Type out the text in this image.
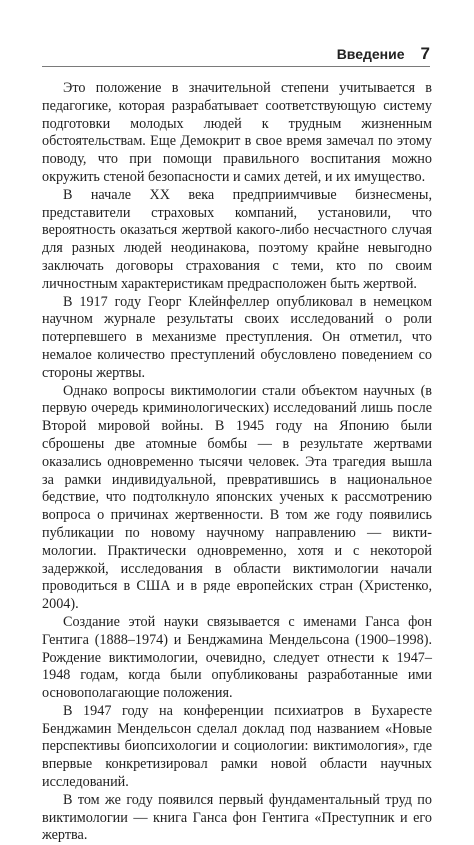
Введение 7

Это положение в значительной степени учитывается в педагогике, которая разрабатывает соответствующую систему подготовки молодых людей к трудным жизненным обстоятельствам. Еще Демокрит в свое время замечал по этому поводу, что при помощи правильного воспитания можно окружить стеной безопасности и самих детей, и их имущество.

В начале XX века предприимчивые бизнесмены, представители страховых компаний, установили, что вероятность оказаться жертвой какого-либо несчастного случая для разных людей неодинакова, поэтому крайне невыгодно заключать договоры страхования с теми, кто по своим личностным характеристикам предрасположен быть жертвой.

В 1917 году Георг Клейнфеллер опубликовал в немецком научном журнале результаты своих исследований о роли потерпевшего в механизме преступления. Он отметил, что немалое количество преступлений обусловлено поведением со стороны жертвы.

Однако вопросы виктимологии стали объектом научных (в первую очередь криминологических) исследований лишь после Второй мировой войны. В 1945 году на Японию были сброшены две атомные бомбы — в результате жертвами оказались одновременно тысячи человек. Эта трагедия вышла за рамки индивидуальной, превратившись в национальное бедствие, что подтолкнуло японских ученых к рассмотрению вопроса о причинах жертвенности. В том же году появились публикации по новому научному направлению — виктимологии. Практически одновременно, хотя и с некоторой задержкой, исследования в области виктимологии начали проводиться в США и в ряде европейских стран (Христенко, 2004).

Создание этой науки связывается с именами Ганса фон Гентига (1888–1974) и Бенджамина Мендельсона (1900–1998). Рождение виктимологии, очевидно, следует отнести к 1947–1948 годам, когда были опубликованы разработанные ими основополагающие положения.

В 1947 году на конференции психиатров в Бухаресте Бенджамин Мендельсон сделал доклад под названием «Новые перспективы биопсихологии и социологии: виктимология», где впервые конкретизировал рамки новой области научных исследований.

В том же году появился первый фундаментальный труд по виктимологии — книга Ганса фон Гентига «Преступник и его жертва.
